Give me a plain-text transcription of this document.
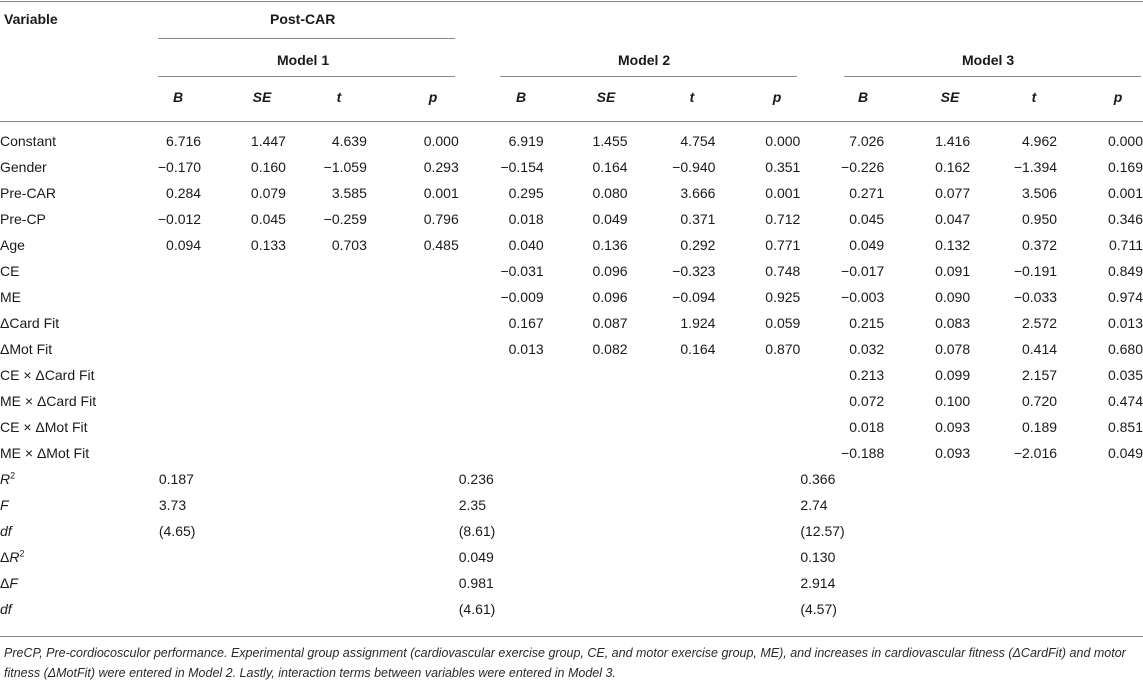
Variable	Post-CAR
Model 1	Model 2	Model 3
B	SE	t	p	B	SE	t	p	B	SE	t	p
Constant	6.716	1.447	4.639	0.000	6.919	1.455	4.754	0.000	7.026	1.416	4.962	0.000
Gender	−0.170	0.160	−1.059	0.293	−0.154	0.164	−0.940	0.351	−0.226	0.162	−1.394	0.169
Pre-CAR	0.284	0.079	3.585	0.001	0.295	0.080	3.666	0.001	0.271	0.077	3.506	0.001
Pre-CP	−0.012	0.045	−0.259	0.796	0.018	0.049	0.371	0.712	0.045	0.047	0.950	0.346
Age	0.094	0.133	0.703	0.485	0.040	0.136	0.292	0.771	0.049	0.132	0.372	0.711
CE					−0.031	0.096	−0.323	0.748	−0.017	0.091	−0.191	0.849
ME					−0.009	0.096	−0.094	0.925	−0.003	0.090	−0.033	0.974
ΔCard Fit					0.167	0.087	1.924	0.059	0.215	0.083	2.572	0.013
ΔMot Fit					0.013	0.082	0.164	0.870	0.032	0.078	0.414	0.680
CE × ΔCard Fit									0.213	0.099	2.157	0.035
ME × ΔCard Fit									0.072	0.100	0.720	0.474
CE × ΔMot Fit									0.018	0.093	0.189	0.851
ME × ΔMot Fit									−0.188	0.093	−2.016	0.049
$R^2$	0.187				0.236				0.366			
F	3.73				2.35				2.74			
df	(4.65)				(8.61)				(12.57)			
$\Delta R^2$					0.049				0.130			
ΔF					0.981				2.914			
df					(4.61)				(4.57)			
PreCP, Pre-cordiocosculor performance. Experimental group assignment (cardiovascular exercise group, CE, and motor exercise group, ME), and increases in cardiovascular fitness (ΔCardFit) and motor fitness (ΔMotFit) were entered in Model 2. Lastly, interaction terms between variables were entered in Model 3.
